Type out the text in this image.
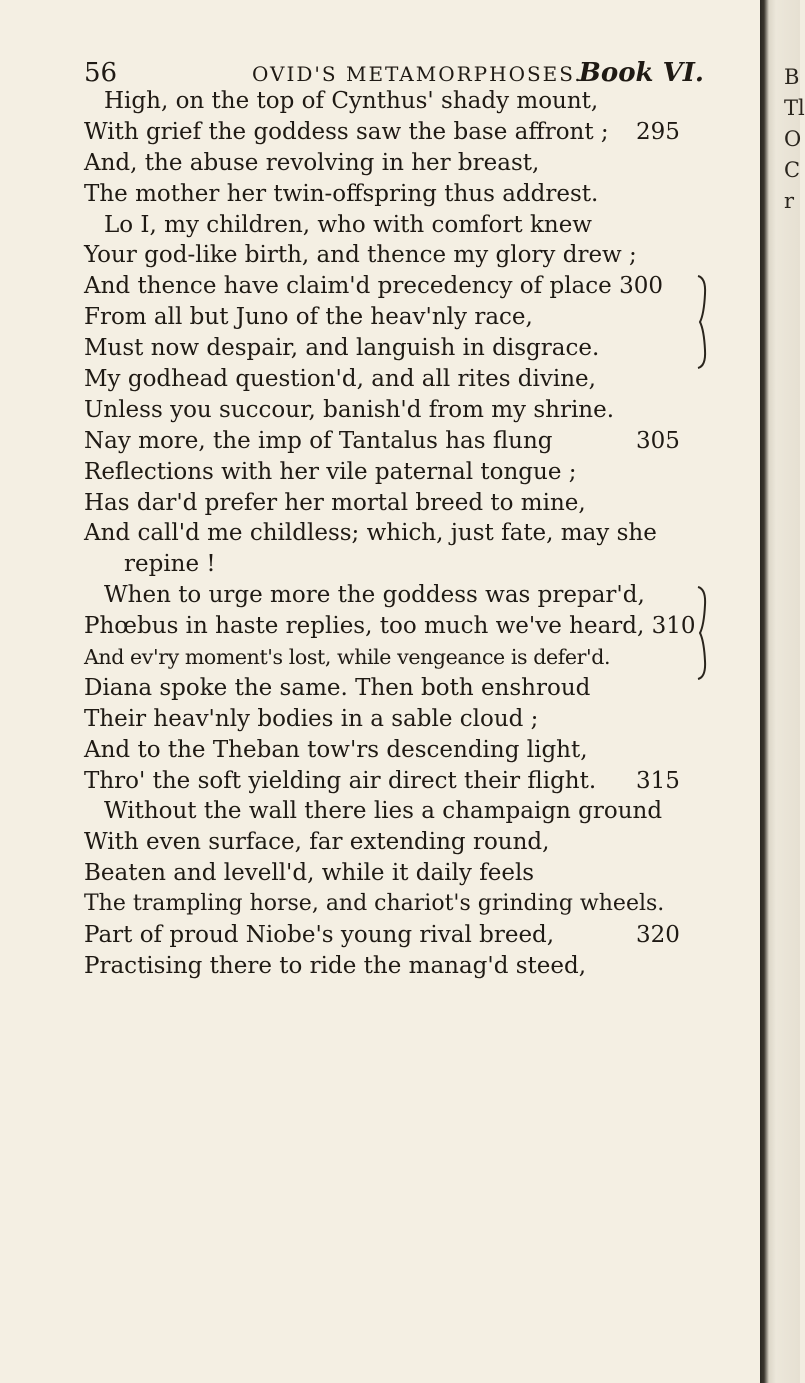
56	OVID'S METAMORPHOSES.
Book VI.
High, on the top of Cynthus' shady mount,
With grief the goddess saw the base affront ; 295
And, the abuse revolving in her breast,
The mother her twin-offspring thus addrest.
Lo I, my children, who with comfort knew
Your god-like birth, and thence my glory drew ;
And thence have claim'd precedency of place 300
From all but Juno of the heav'nly race,
Must now despair, and languish in disgrace.
My godhead question'd, and all rites divine,
Unless you succour, banish'd from my shrine.
Nay more, the imp of Tantalus has flung	305
Reflections with her vile paternal tongue ;
Has dar'd prefer her mortal breed to mine,
And call'd me childless; which, just fate, may she
repine !
When to urge more the goddess was prepar'd,
Phœbus in haste replies, too much we've heard, 310
And ev'ry moment's lost, while vengeance is defer'd.
Diana spoke the same. Then both enshroud
Their heav'nly bodies in a sable cloud ;
And to the Theban tow'rs descending light,
Thro' the soft yielding air direct their flight. 315
Without the wall there lies a champaign ground
With even surface, far extending round,
Beaten and levell'd, while it daily feels
The trampling horse, and chariot's grinding wheels.
Part of proud Niobe's young rival breed,	320
Practising there to ride the manag'd steed,
B
Tl
O
C
r
